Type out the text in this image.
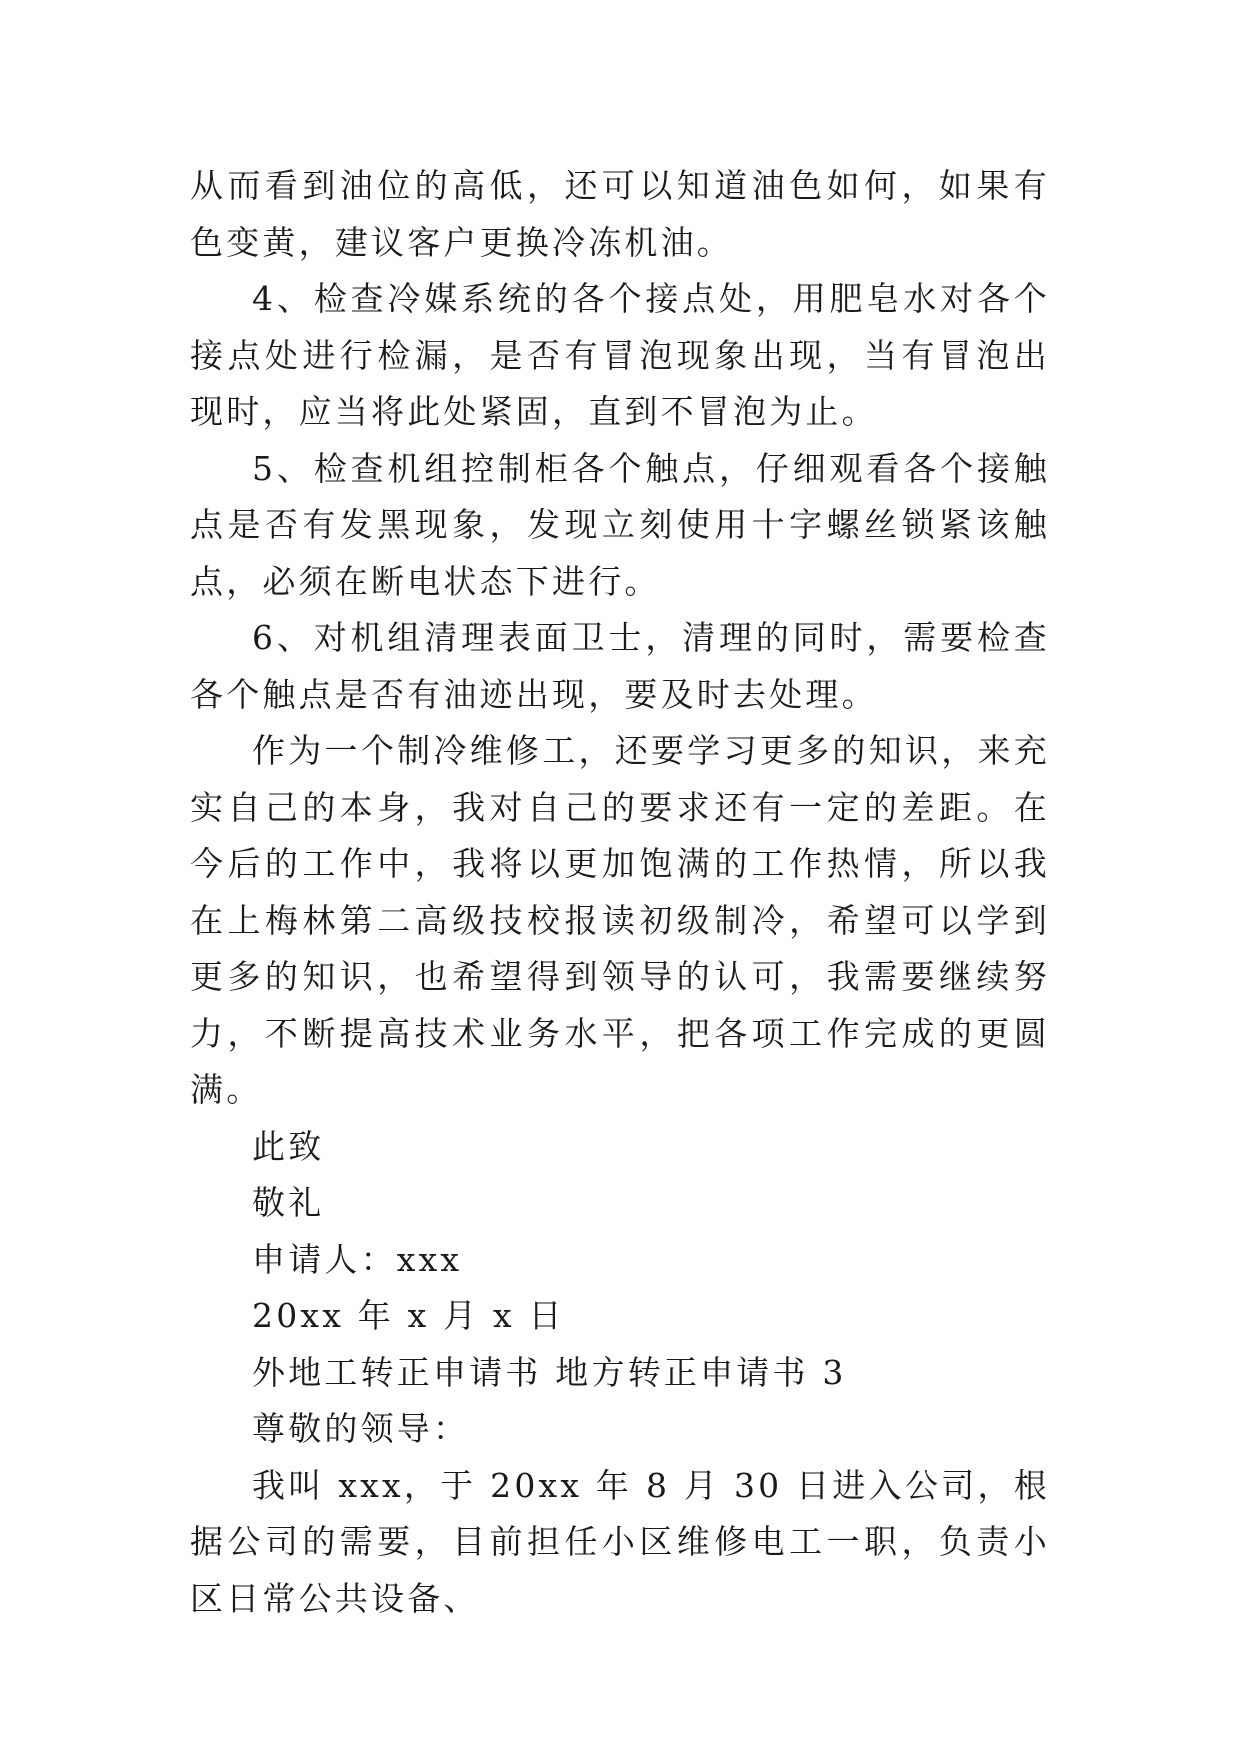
从而看到油位的高低，还可以知道油色如何，如果有色变黄，建议客户更换冷冻机油。

4、检查冷媒系统的各个接点处，用肥皂水对各个接点处进行检漏，是否有冒泡现象出现，当有冒泡出现时，应当将此处紧固，直到不冒泡为止。

5、检查机组控制柜各个触点，仔细观看各个接触点是否有发黑现象，发现立刻使用十字螺丝锁紧该触点，必须在断电状态下进行。

6、对机组清理表面卫士，清理的同时，需要检查各个触点是否有油迹出现，要及时去处理。

作为一个制冷维修工，还要学习更多的知识，来充实自己的本身，我对自己的要求还有一定的差距。在今后的工作中，我将以更加饱满的工作热情，所以我在上梅林第二高级技校报读初级制冷，希望可以学到更多的知识，也希望得到领导的认可，我需要继续努力，不断提高技术业务水平，把各项工作完成的更圆满。

此致

敬礼

申请人：xxx

20xx 年 x 月 x 日

外地工转正申请书 地方转正申请书 3

尊敬的领导：

我叫 xxx，于 20xx 年 8 月 30 日进入公司，根据公司的需要，目前担任小区维修电工一职，负责小区日常公共设备、
